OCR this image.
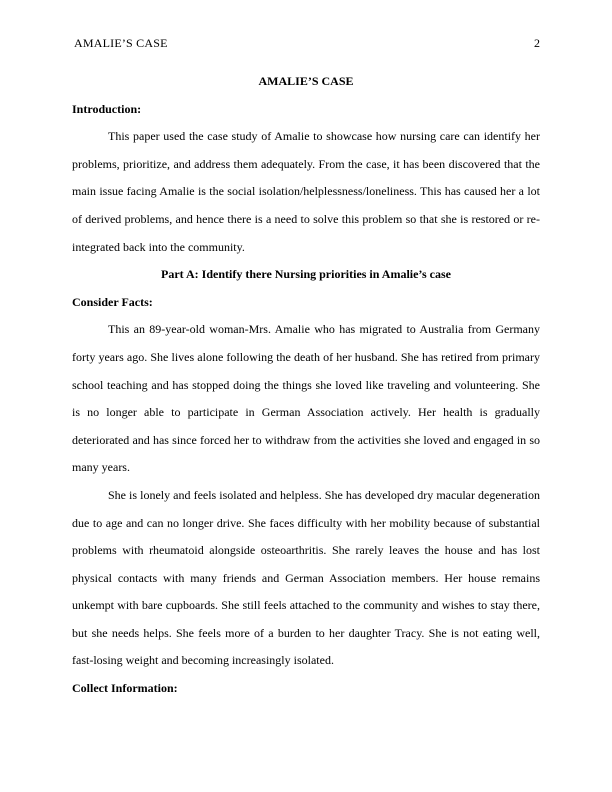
AMALIE’S CASE	2
AMALIE’S CASE
Introduction:

This paper used the case study of Amalie to showcase how nursing care can identify her problems, prioritize, and address them adequately. From the case, it has been discovered that the main issue facing Amalie is the social isolation/helplessness/loneliness. This has caused her a lot of derived problems, and hence there is a need to solve this problem so that she is restored or re-integrated back into the community.

Part A: Identify there Nursing priorities in Amalie’s case
Consider Facts:

This an 89-year-old woman-Mrs. Amalie who has migrated to Australia from Germany forty years ago. She lives alone following the death of her husband. She has retired from primary school teaching and has stopped doing the things she loved like traveling and volunteering. She is no longer able to participate in German Association actively. Her health is gradually deteriorated and has since forced her to withdraw from the activities she loved and engaged in so many years.

She is lonely and feels isolated and helpless. She has developed dry macular degeneration due to age and can no longer drive. She faces difficulty with her mobility because of substantial problems with rheumatoid alongside osteoarthritis. She rarely leaves the house and has lost physical contacts with many friends and German Association members. Her house remains unkempt with bare cupboards. She still feels attached to the community and wishes to stay there, but she needs helps. She feels more of a burden to her daughter Tracy. She is not eating well, fast-losing weight and becoming increasingly isolated.

Collect Information:
